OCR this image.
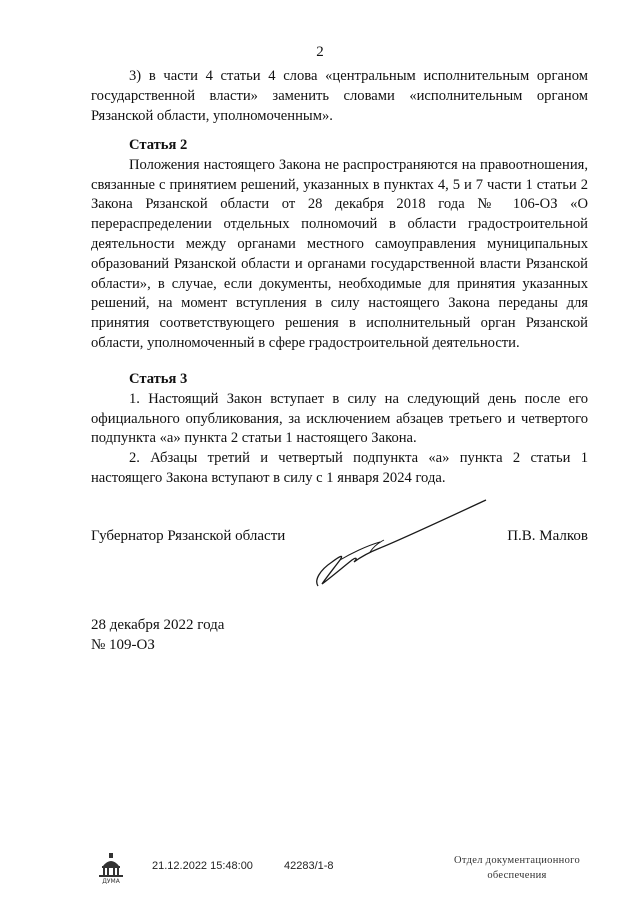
2

3) в части 4 статьи 4 слова «центральным исполнительным органом государственной власти» заменить словами «исполнительным органом Рязанской области, уполномоченным».

Статья 2

Положения настоящего Закона не распространяются на правоотношения, связанные с принятием решений, указанных в пунктах 4, 5 и 7 части 1 статьи 2 Закона Рязанской области от 28 декабря 2018 года № 106-ОЗ «О перераспределении отдельных полномочий в области градостроительной деятельности между органами местного самоуправления муниципальных образований Рязанской области и органами государственной власти Рязанской области», в случае, если документы, необходимые для принятия указанных решений, на момент вступления в силу настоящего Закона переданы для принятия соответствующего решения в исполнительный орган Рязанской области, уполномоченный в сфере градостроительной деятельности.

Статья 3

1. Настоящий Закон вступает в силу на следующий день после его официального опубликования, за исключением абзацев третьего и четвертого подпункта «а» пункта 2 статьи 1 настоящего Закона.

2. Абзацы третий и четвертый подпункта «а» пункта 2 статьи 1 настоящего Закона вступают в силу с 1 января 2024 года.

Губернатор Рязанской области	П.В. Малков
28 декабря 2022 года
№ 109-ОЗ
ДУМА
21.12.2022 15:48:00	42283/1-8	Отдел документационного
обеспечения
